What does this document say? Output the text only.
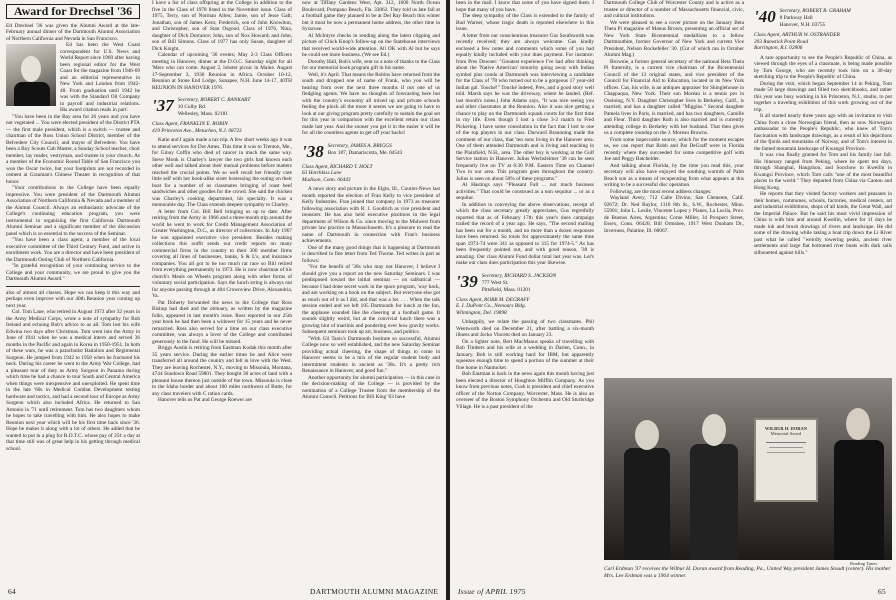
Award for Drechsel '36

Ed Drechsel '36 was given the Alumni Award at the late-February annual dinner of the Dartmouth Alumni Association of Northern California and Nevada in San Francisco.

Ed has been the West Coast correspondent for U.S. News and World Report since 1969 after having been regional editor for the West Coast for the magazine from 1946-69 and an editorial representative in New York and London from 1942-48. From graduation until 1942 he was with the Standard Oil Company in payroll and industrial relations. His award citation reads in part:

"You have been in the Bay area for 26 years and you have not vegetated ... You were elected president of the District PTA — the first male president, which is a switch — trustee and chairman of the Ross Union School District, member of the Belvedere City Council, and mayor of Belvedere. You have been a Boy Scouts Cub Master, a Sunday School teacher, choir member, lay reader, vestryman, and trustee in your church. As a member of the Economic Round Table of San Francisco you won the Oscar twice, but your footprints are not recorded in cement at Grauman's Chinese Theater in recognition of that honor.

"Your contributions to the College have been equally impressive. You were president of the Dartmouth Alumni Association of Northern California & Nevada and a member of the Alumni Council. Always an enthusiastic advocate of the College's continuing education program, you were instrumental in organizing the first California Dartmouth Alumni Seminar and a significant member of the discussion panel which is so essential to the success of the Seminar.

"You have been a class agent, a member of the local executive committee of the Third Century Fund, and active in enrollment work. You are a director and have been president of the Dartmouth Outing Club of Northern California.

"In grateful recognition of your continuing service to the College and your community, we are proud to give you the Dartmouth Alumni Award."

also of almost all classes. Hope we can keep it this way and perhaps even improve with our 40th Reunion year coming up next year.

Col. Tom Lane, who retired in August 1973 after 32 years in the Army Medical Corps, wrote a note of sympathy for Bob Ireland and echoing Bob's advice to us all. Tom lost his wife Edwina two days after Christmas. Tom went into the Army in June of 1941 when he was a medical intern and served 36 months in the Pacific and again in Korea in 1950-1951. In both of these wars, he was a parachutist Battalion and Regimental Surgeon. He jumped from 1942 to 1958 when he fractured his neck. During his career he went to the Army War College, had a pleasant tour of duty as Army Surgeon in Panama during which time he had a chance to tour South and Central America when things were inexpensive and unexploited. He spent time in the late '60s in Medical Combat Development testing hardware and tactics, and had a second tour of Europe as Army Surgeon which also included Africa. He returned to San Antonio in '71 until retirement. Tom has two daughters whom he hopes to take travelling with him. He also hopes to make Reunion next year which will be his first time back since '36. Hope he makes it along with a lot of others. He added that he wanted to put in a plug for R.O.T.C. whose pay of 25¢ a day at that time still was of great help in his getting through medical school.

I have a list of class offspring at the College in addition to the five in the Class of 1978 listed in the November issue. Class of 1975, Terry, son of Norman Allen; Jamie, son of Jesse Galt; Jonathan, son of James Kern; Frederick, son of John Knowlton, and Christopher, son of Stan Osgood. Class of 1976, Nina, daughter of Dick Dorrance; John, son of Nox Howard; and John, son of Bill Simons. Class of 1977 has only Susan, daughter of Dick Knight.

Calendar of upcoming '36 events; May 2-3 Class Officers meeting in Hanover, dinner at the D.O.C. Saturday night for all 'Mers who can come. August 2, lobster picnic in Maine. August 17-September 3, 1936 Reunion in Africa. October 10-12, Reunion at Stone End Lodge, Sunapee, N.H. June 14-17, 40TH REUNION IN HANOVER 1976.

'37 Secretary, ROBERT C. BANKART
10 Colby Rd.
Wellesley, Mass. 02181
Class Agent, FRANKLIN E. ROBIN
419 Princeton Ave., Metuchen, N.J. 08723

Katie and I again made a tax trip. A few short weeks ago it was to attend services for Dot Ames. This time it was to Trenton, Me., for Ginny Coffin who died of cancer in much the same way. Steve Monk is Charley's lawyer the two girls had known each other well and talked about their mutual problems before matters reached the crucial points. We so well recall her friendly cute little self with her book-alike sister hostessing the outing on their boat for a number of us classmates bringing of roast beef sandwiches and other goodies for the crowd. She said the chicken was Charley's cooking department, his specialty. It was a memorable day. The Class extends deepest sympathy to Charley.

A letter from Col. Bill Bell bringing us up to date. After retiring from the Army in 1966 and a three-month trip around the world he went to work for Credit Management Association of Greater Washington, D.C., as director of collections. In July 1967 he was appointed executive vice president. Besides making collections this outfit sends out credit reports on many commercial firms in the country to their 300 member firms covering all lines of businesses, banks, S & L's, and insurance companies. You all got to be too much rat race so Bill retired from everything permanently in 1973. He is now chairman of his church's Meals on Wheels program along with other forms of voluntary social participation. Says the lunch string is always out for anyone passing through at 404 Crownview Drive, Alexandria, Va.

Pat Doherty forwarded the news to the College that Ross Bishop had died and the obituary, as written by the magazine folks, appeared in last month's issue. Ross reported in our 25th year book he had then been a widower for 15 years and he never remarried. Ross also served for a time on our class executive committee, was always a lover of the College and contributed generously to the fund. He will be missed.

Briggs Austin is retiring from Eastman Kodak this month after 35 years service. During the earlier times he and Alice were transferred all around the country and fell in love with the West. They are leaving Rochester, N.Y., moving to Missoula, Montana, 4744 Sundown Road 59801. They bought 30 acres of land with a pleasant house thereon just outside of the town. Missoula is close to the Idaho border and about 100 miles northwest of Butte, for any class travelers with C ration cards.

Hanover tells us Pat and George Roewer are

now at Tiffany Gardens West, Apt. 312, 1600 North Ocean Boulevard, Pompano Beach, Fla. 33062. They told us late fall at a football game they planned to be at Del Ray Beach this winter but it must be now a permanent home address, the other time in Syracuse.

Al McIntyre checks in sending along the latest clipping and picture of Chick Knop's follow-up on the Statehouse interviews that received world-wide attention. All OK with Al but he says he could see more business. (We see Ed.)

Dorothy Hall, Bob's wife, sent us a note of thanks to the Class for our memorial book program gift in his name.

Well, it's April. That means the Robins have returned from the south and dropped one of name of Frank, who you will be hearing from over the next three months if not one of us fledgling agents. We have no thoughts of forecasting here but with the country's economy all mixed up and private schools feeling the pinch all the more it seems we are going to have to look at our giving program pretty carefully to sustain the goal set for this year in comparison with the excellent return our class made last year. And the sooner you get it in the easier it will be for all the countless agents to get off your backs!

'38 Secretary, JAMES A. BRIGGS
Box 187, Damariscotta, Me. 04543
Class Agent, RICHARD T. HOLT
63 Hotchkiss Lane
Madison, Conn. 06443

A news story and picture in the Elgin, Ill., Courier-News last month reported the election of Fran Kelly to vice president of Kelly Industries. Fran joined that company in 1973 as treasurer following association with R. J. Goodrich as vice president and treasurer. He has also held executive positions in the legal department of Wilson & Co. since moving to the Midwest from private law practice in Massachusetts. It's a pleasure to read the name of Dartmouth in connection with Fran's business achievements.

One of the many good things that is happening at Dartmouth is described in fine letter from Ted Thorne. Ted writes in part as follows:

"For the benefit of '38s who may not Hanover, I believe I should give you a report on the new Saturday Seminars. I was predisposed toward the initial seminar — on sabbatical — because I had done secret work in the space program, 'way back, and am working on a book on the subject. But everyone else got as much out of it as I did, and that was a lot. . . . When the talk session ended and we left 105 Dartmouth for lunch at the Inn, the applause sounded like the cheering at a football game. It sounds slightly weird, but at the convivial lunch there was a growing hint of martinis and pondering over how gravity works. Subsequent seminars took up art, business, and politics.

"With Gil Tanis's Dartmouth Institute so successful, Alumni College now so well established, and the new Saturday Seminar providing actual cheering, the shape of things to come in Hanover seems to be a mix of the regular student body and intermittent students in ancient as '38s. It's a pretty rich Renaissance in Hanover, and good fun."

Another opportunity for alumni participation — in this case in the decision-making of the College — is provided by the nomination of a College Trustee from the membership of the Alumni Council. Petitions for Bill King '63 have

64	DARTMOUTH ALUMNI MAGAZINE

been in the mail. I know that some of you have signed them. I hope that many of you have.

The deep sympathy of the Class is extended to the family of Bud Warner, whose tragic death is reported elsewhere in this issue.

A letter from our conscientious treasurer Gus Southworth was recently received; they are always welcome. Gus kindly enclosed a few notes and comments which some of you had equally kindly included with your dues payment. For instance: from Pres Downer: "Greatest experience I've had after thinking about the 'Native American' minority going away with Indian symbol plus condo at Dartmouth was interviewing a candidate for the Class of '78 who turned out to be a gorgeous 17 year-old Indian gal. Touché!" Touché indeed, Pres, and a good story well told. Marsh says he was the driveway, where he landed. (Ref. last month's notes.) John Adams says, "It was nice seeing you and other classmates at the Reunion. Also it was nice getting a chance to play on the Dartmouth squash courts for the first time in my life. Even though I lost a close 3-2 match to Fred Pickering. I have some consolation in the fact that I lost to one of the top players in our class. Durward Braunning made the comment of our class, that 'ten sons living in the Hanover area. One of them attended Dartmouth and is living and teaching in the Plainfield, N.H., area. The other boy is working at the Gulf Service station in Hanover. Julius Wechsleimer '38 can be seen frequently live on TV at 6:30 P.M. Eastern Time on Channel Two in our area. This program goes throughout the country. Julius is seen on about 50% of these programs."

Al Hastings says "Pleasant Fall ... not much business activities." That could be construed as a non sequitur ... or as a sequitur.

In addition to conveying the above observations, receipt of which the class secretary greatly appreciates, Gus regretfully reported that as of February 17th this year's dues campaign trailed the record of a year ago. He says, "The second mailing has been out for a month, and no more than a dozen responses have been returned. So totals for approximately the same time span 1973-74 were 341 as opposed to 315 for 1974-5." As has been frequently pointed out, and with good reason, '38 is amazing. Our class Alumni Fund dollar total last year was. Let's make our class dues participation this year likewise.

'39 Secretary, RICHARD S. JACKSON
777 West St.
Pittsfield, Mass. 01201
Class Agent, ROBB M. DEGRAFF
E. I. DuPont Co., Nemours Bldg.
Wilmington, Del. 19898

Unhappily, we relate the passing of two classmates. Phil Wentworth died on December 21, after battling a six-month illness and Jocko Vincent died on January 23.

On a lighter note, Bert MacManus speaks of travelling with Bob Timbers and his wife at a wedding in Darien, Conn., in January. Bob is still working hard for IBM, but apparently squeezes enough time to spend a portion of the summer at their fine home in Nantucket.

Bob Eastman is back in the news again this month having just been elected a director of Houghton Mifflin Company. As you know from previous notes, Cush is president and chief executive officer of the Norton Company, Worcester, Mass. He is also an overseer of the Boston Symphony Orchestra and Old Sturbridge Village. He is a past president of the

Dartmouth College Club of Worcester County and is active as a trustee or director of a number of Massachusetts financial, civic, and cultural institutions.

We were pleased to see a cover picture on the January Beta Theta Pi magazine of Manus Brown, presenting an official set of New York State Bicentennial medallions to a fellow Dartmouthite, former Governor of New York and current Vice President, Nelson Rockefeller '30. (Cut of which ran in October Alumni Mag.)

Brownie, a former general secretary of the national Beta Theta Pi fraternity, is a current vice chairman of the Bicentennial Council of the 13 original states, and vice president of the Council for Financial Aid to Education, located in its New York offices. Cus, his wife, is an antiques appraiser for Shinglehouse in Chappaqua, New York. Their son Moreau is a tennis pro in Ossining, N.Y. Daughter Christopher lives in Berkeley, Calif., is married, and has a daughter called "Miggins." Second daughter Pamela lives in Paris, is married, and has two daughters, Camille and Fleur. Third daughter Ruth is also married and is currently attending college in Berkeley with her husband. That then gives us a complete roundup on the J. Moreau Browns.

From some impeccable source, which for the moment escapes us, we can report that Robb and Pat DeGraff were in Florida recently where they succeeded for some competitive golf with Joe and Peggy Batchelder.

And talking about Florida, by the time you read this, your secretary will also have enjoyed the southing warmth of Palm Beach sun as a means of recuperating from what appears at this writing to be a successful disc operation.

Following, are the most recent address changes:

Wayland Avery, 712 Calle Divino, San Clemente, Calif. 92672; Dr. Ned Baylor, 1116 8th St., S.W., Rochester, Minn. 55901; John L. Leslie, Vincente Lopez y Planes, La Lucila, Prov. de Buenos Aires, Argentina; Corne Miller, 34 Prospect Street, Essex, Conn. 06426; Bill Ormsbee, 1917 West Dunham Dr., Inverness, Palatine, Ill. 60067.

'40 Secretary, ROBERT B. GRAHAM
8 Parkway Hall
Hanover, N.H. 03755
Class Agent, ARTHUR W. OSTRANDER
303 Rumstick Point Road
Barrington, R.I. 02806

A rare opportunity to see the People's Republic of China, as viewed through the eyes of a classmate, is being made possible by Tom George, who are recently took him on a 30-day sketching trip to the People's Republic of China.

During the visit, which began September 14 in Peking, Tom made 50 large drawings and filled two sketchbooks, and rather this year was busy working in his Princeton, N.J., studio, to put together a traveling exhibition of this work growing out of the trip.

It all started nearly three years ago with an invitation to visit China from a close Norwegian friend, then as now Norwegian ambassador to the People's Republic, who knew of Tom's fascination with landscape drawings, as a result of his depictions of the fjords and mountains of Norway, and of Tom's interest in the famed mountain landscape of Kwangsi Province.

It was visa finally granted for Tom and his family last fall. His itinerary ranged from Peking, where he spent ten days, through Shanghai, Hangzhou, and Soochow to Kweilin in Kwangsi Province, which Tom calls "one of the most beautiful places in the world." They departed from China via Canton and Hong Kong.

He reports that they visited factory workers and peasants in their homes, communes, schools, factories, medical centers, art and industrial exhibitions, shops of all kinds, the Great Wall, and the Imperial Palace. But he said his most vivid impression of China is with him and around Kweilin, where for 11 days he made ink and brush drawings of rivers and landscape. He did some of the drawing while taking a boat trip down the Li River past what he called "weirdly towering peaks, ancient river settlements and large flat bottomed river boats with dark sails silhouetted against hills."

WILBUR H. DORAN
Memorial Award
Reading Times
Carl Erdman '37 receives the Wilbur H. Doran award from Reading, Pa., United Way president James Stoudt (center). His mother Mrs. Lee Erdman was a 1964 winner.
Issue of APRIL 1975	65
